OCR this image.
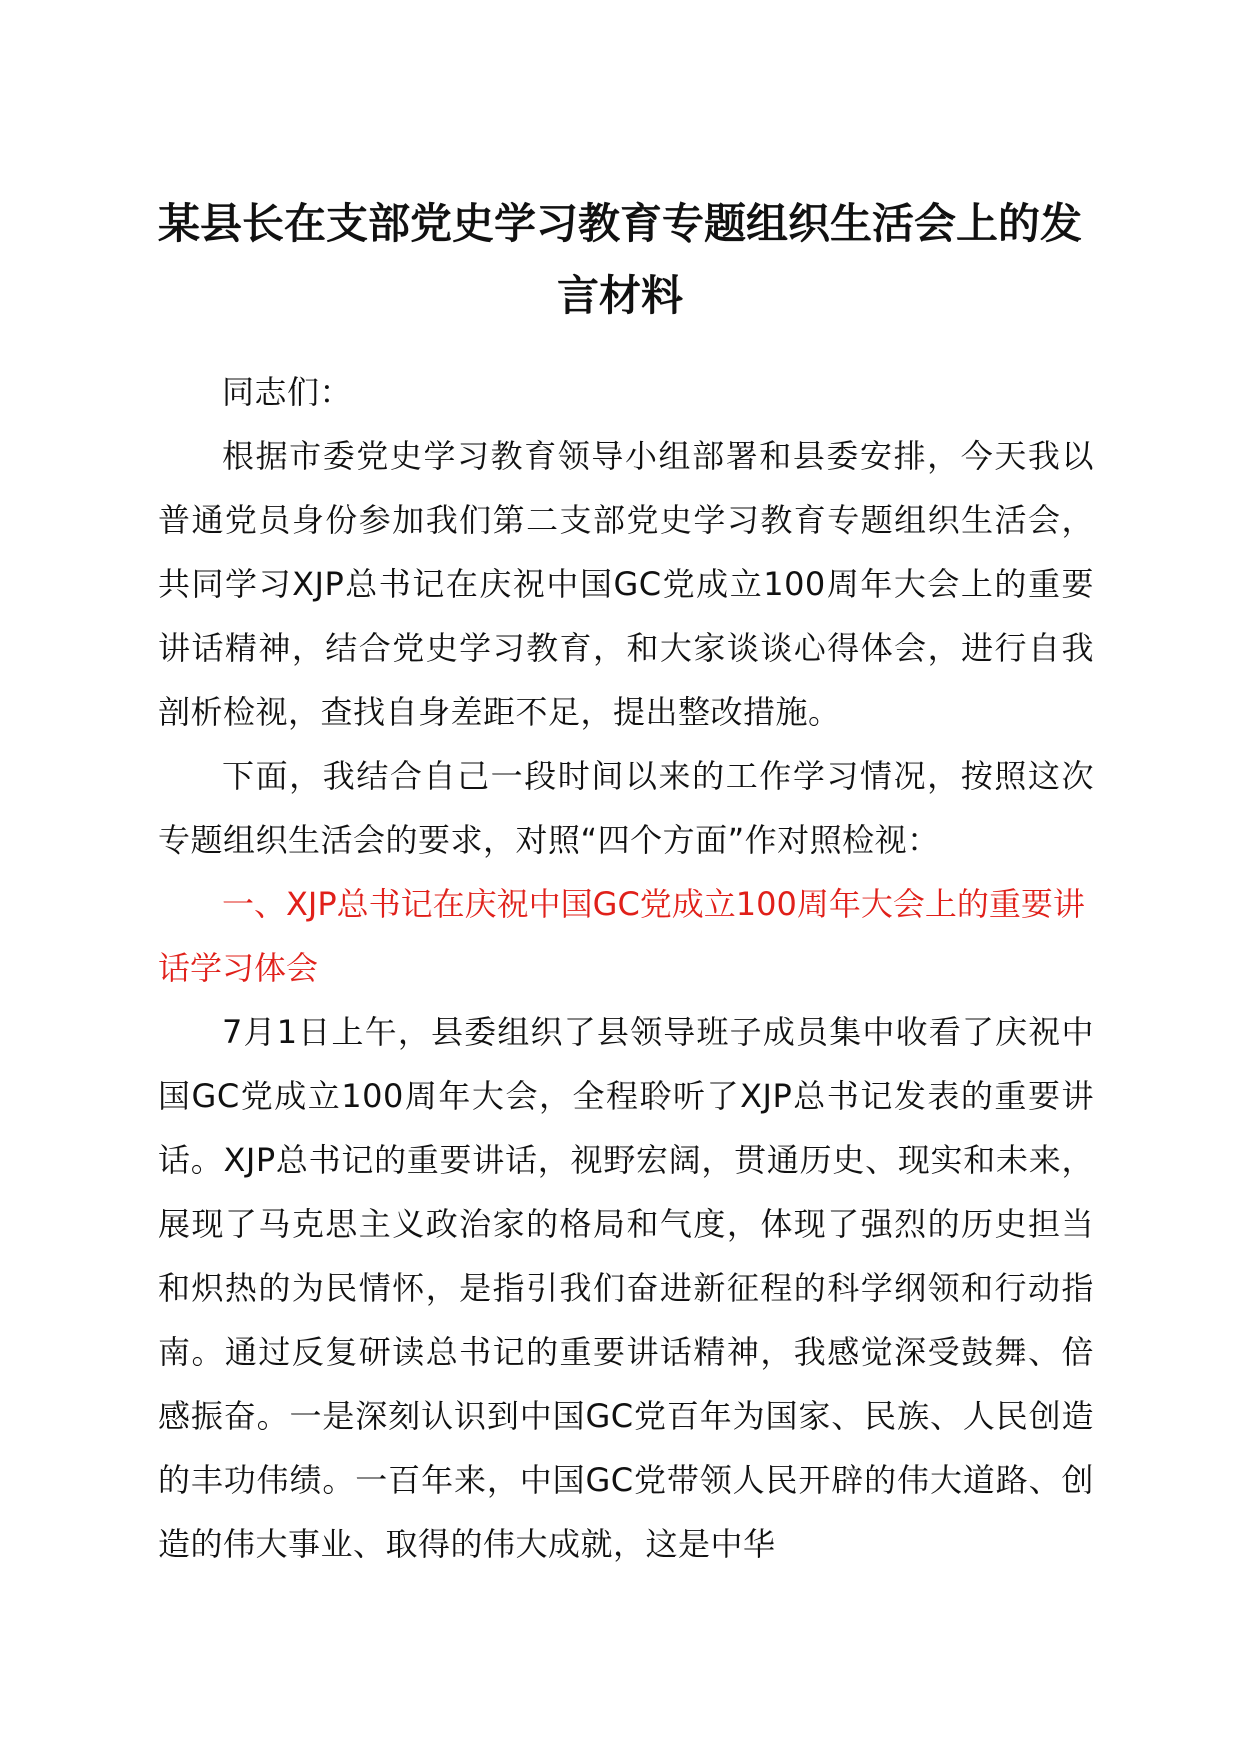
某县长在支部党史学习教育专题组织生活会上的发言材料

同志们：

根据市委党史学习教育领导小组部署和县委安排，今天我以普通党员身份参加我们第二支部党史学习教育专题组织生活会，共同学习XJP总书记在庆祝中国GC党成立100周年大会上的重要讲话精神，结合党史学习教育，和大家谈谈心得体会，进行自我剖析检视，查找自身差距不足，提出整改措施。

下面，我结合自己一段时间以来的工作学习情况，按照这次专题组织生活会的要求，对照“四个方面”作对照检视：

一、XJP总书记在庆祝中国GC党成立100周年大会上的重要讲话学习体会

7月1日上午，县委组织了县领导班子成员集中收看了庆祝中国GC党成立100周年大会，全程聆听了XJP总书记发表的重要讲话。XJP总书记的重要讲话，视野宏阔，贯通历史、现实和未来，展现了马克思主义政治家的格局和气度，体现了强烈的历史担当和炽热的为民情怀，是指引我们奋进新征程的科学纲领和行动指南。通过反复研读总书记的重要讲话精神，我感觉深受鼓舞、倍感振奋。一是深刻认识到中国GC党百年为国家、民族、人民创造的丰功伟绩。一百年来，中国GC党带领人民开辟的伟大道路、创造的伟大事业、取得的伟大成就，这是中华
